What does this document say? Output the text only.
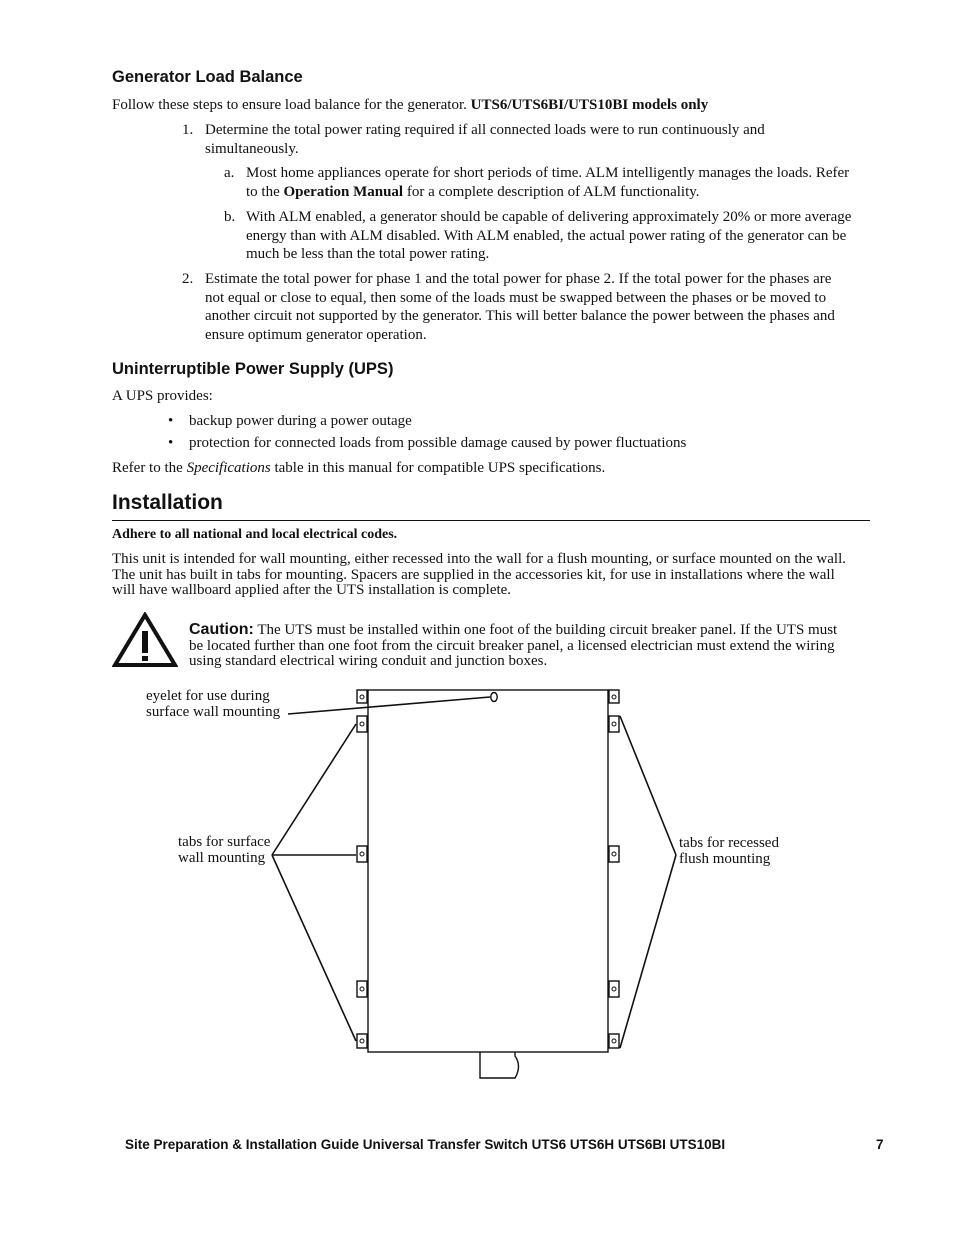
Generator Load Balance
Follow these steps to ensure load balance for the generator. UTS6/UTS6BI/UTS10BI models only
1. Determine the total power rating required if all connected loads were to run continuously and
simultaneously.
a. Most home appliances operate for short periods of time. ALM intelligently manages the loads. Refer
to the Operation Manual for a complete description of ALM functionality.
b. With ALM enabled, a generator should be capable of delivering approximately 20% or more average
energy than with ALM disabled. With ALM enabled, the actual power rating of the generator can be
much be less than the total power rating.
2. Estimate the total power for phase 1 and the total power for phase 2. If the total power for the phases are
not equal or close to equal, then some of the loads must be swapped between the phases or be moved to
another circuit not supported by the generator. This will better balance the power between the phases and
ensure optimum generator operation.
Uninterruptible Power Supply (UPS)
A UPS provides:
• backup power during a power outage
• protection for connected loads from possible damage caused by power fluctuations
Refer to the Specifications table in this manual for compatible UPS specifications.
Installation
Adhere to all national and local electrical codes.
This unit is intended for wall mounting, either recessed into the wall for a flush mounting, or surface mounted on the wall.
The unit has built in tabs for mounting. Spacers are supplied in the accessories kit, for use in installations where the wall
will have wallboard applied after the UTS installation is complete.
Caution: The UTS must be installed within one foot of the building circuit breaker panel. If the UTS must
be located further than one foot from the circuit breaker panel, a licensed electrician must extend the wiring
using standard electrical wiring conduit and junction boxes.
eyelet for use during
surface wall mounting
tabs for surface
wall mounting
tabs for recessed
flush mounting
Site Preparation & Installation Guide Universal Transfer Switch UTS6 UTS6H UTS6BI UTS10BI	7
